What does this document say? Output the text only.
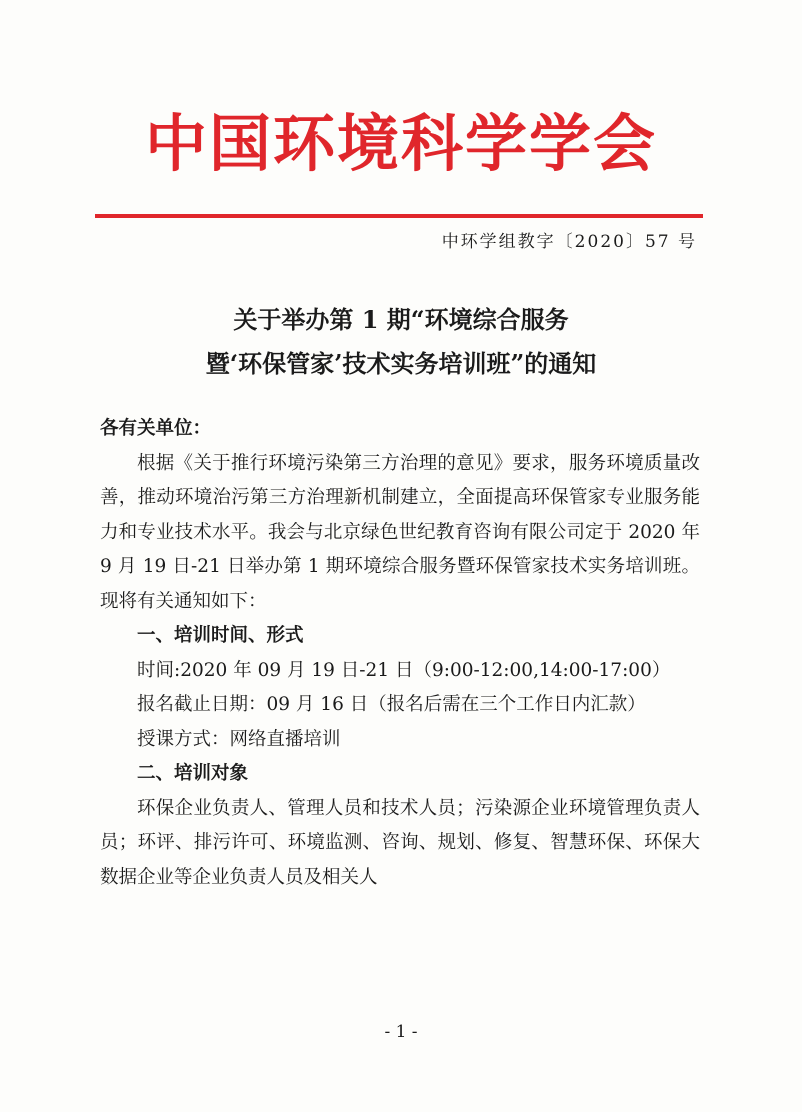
中国环境科学学会
中环学组教字〔2020〕57 号
关于举办第 1 期“环境综合服务
暨‘环保管家’技术实务培训班”的通知

各有关单位：

根据《关于推行环境污染第三方治理的意见》要求，服务环境质量改善，推动环境治污第三方治理新机制建立，全面提高环保管家专业服务能力和专业技术水平。我会与北京绿色世纪教育咨询有限公司定于 2020 年 9 月 19 日-21 日举办第 1 期环境综合服务暨环保管家技术实务培训班。现将有关通知如下：

一、培训时间、形式

时间:2020 年 09 月 19 日-21 日（9:00-12:00,14:00-17:00）

报名截止日期：09 月 16 日（报名后需在三个工作日内汇款）

授课方式：网络直播培训

二、培训对象

环保企业负责人、管理人员和技术人员；污染源企业环境管理负责人员；环评、排污许可、环境监测、咨询、规划、修复、智慧环保、环保大数据企业等企业负责人员及相关人

- 1 -
